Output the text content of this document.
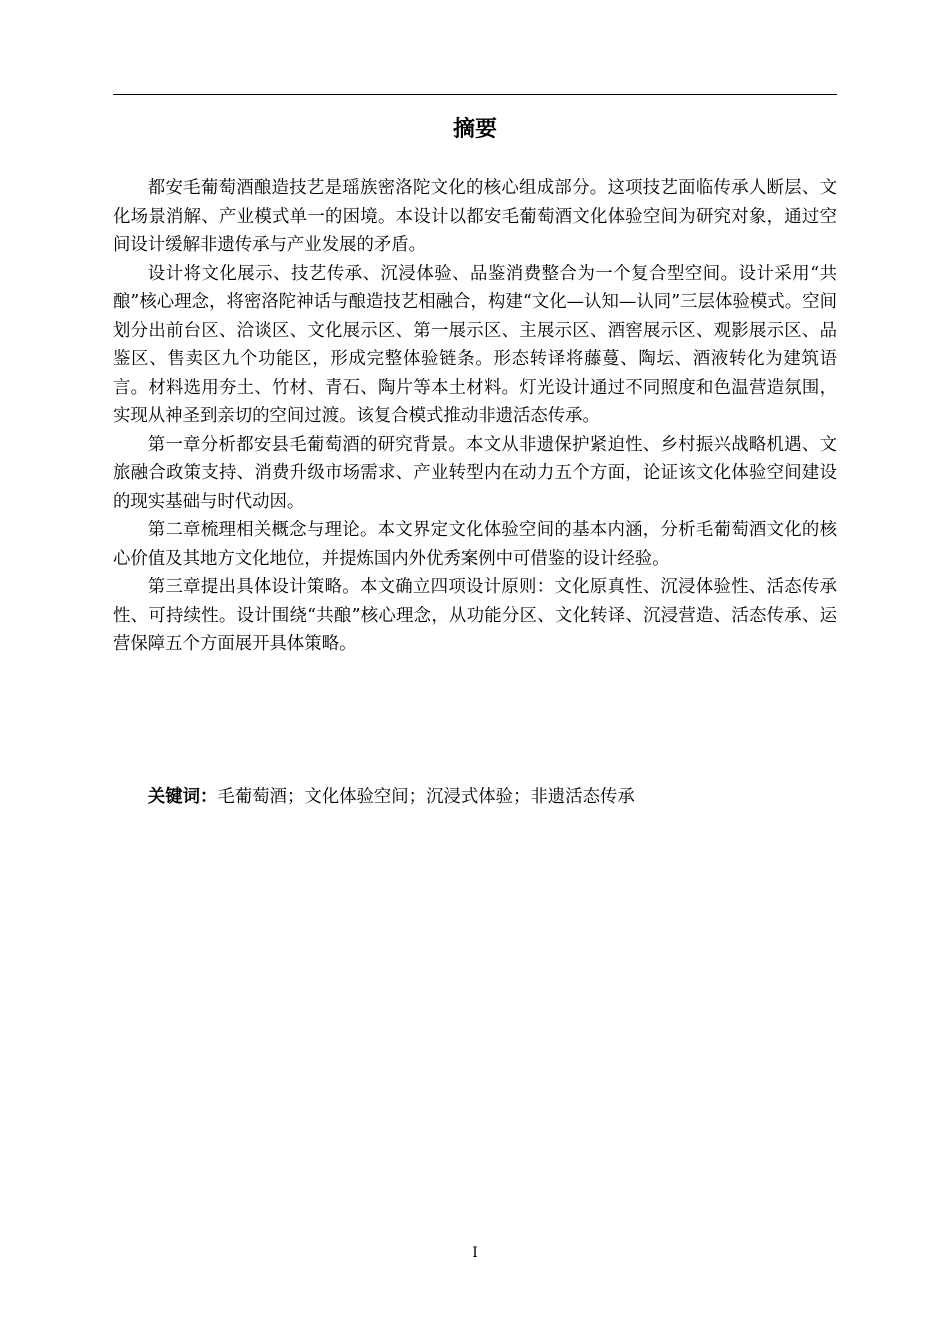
摘要

都安毛葡萄酒酿造技艺是瑶族密洛陀文化的核心组成部分。这项技艺面临传承人断层、文化场景消解、产业模式单一的困境。本设计以都安毛葡萄酒文化体验空间为研究对象，通过空间设计缓解非遗传承与产业发展的矛盾。

设计将文化展示、技艺传承、沉浸体验、品鉴消费整合为一个复合型空间。设计采用“共酿”核心理念，将密洛陀神话与酿造技艺相融合，构建“文化—认知—认同”三层体验模式。空间划分出前台区、洽谈区、文化展示区、第一展示区、主展示区、酒窖展示区、观影展示区、品鉴区、售卖区九个功能区，形成完整体验链条。形态转译将藤蔓、陶坛、酒液转化为建筑语言。材料选用夯土、竹材、青石、陶片等本土材料。灯光设计通过不同照度和色温营造氛围，实现从神圣到亲切的空间过渡。该复合模式推动非遗活态传承。

第一章分析都安县毛葡萄酒的研究背景。本文从非遗保护紧迫性、乡村振兴战略机遇、文旅融合政策支持、消费升级市场需求、产业转型内在动力五个方面，论证该文化体验空间建设的现实基础与时代动因。

第二章梳理相关概念与理论。本文界定文化体验空间的基本内涵，分析毛葡萄酒文化的核心价值及其地方文化地位，并提炼国内外优秀案例中可借鉴的设计经验。

第三章提出具体设计策略。本文确立四项设计原则：文化原真性、沉浸体验性、活态传承性、可持续性。设计围绕“共酿”核心理念，从功能分区、文化转译、沉浸营造、活态传承、运营保障五个方面展开具体策略。

关键词：毛葡萄酒；文化体验空间；沉浸式体验；非遗活态传承
I
